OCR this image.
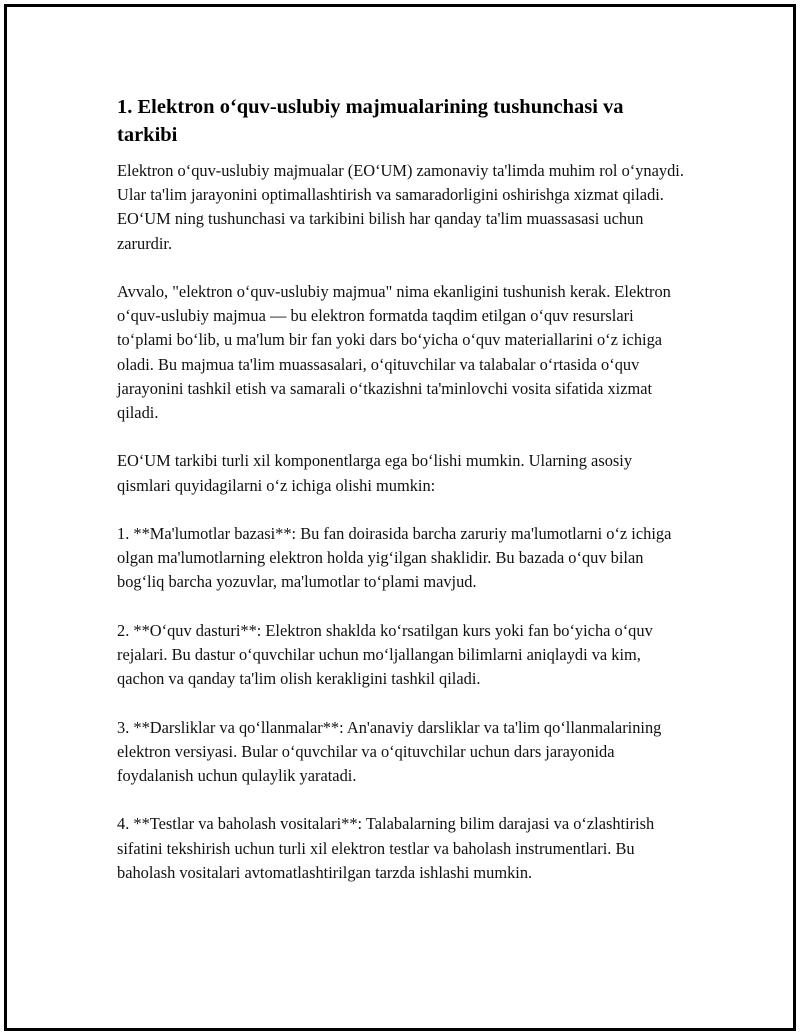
1. Elektron o‘quv-uslubiy majmualarining tushunchasi va tarkibi

Elektron o‘quv-uslubiy majmualar (EO‘UM) zamonaviy ta'limda muhim rol o‘ynaydi. Ular ta'lim jarayonini optimallashtirish va samaradorligini oshirishga xizmat qiladi. EO‘UM ning tushunchasi va tarkibini bilish har qanday ta'lim muassasasi uchun zarurdir.

Avvalo, "elektron o‘quv-uslubiy majmua" nima ekanligini tushunish kerak. Elektron o‘quv-uslubiy majmua — bu elektron formatda taqdim etilgan o‘quv resurslari to‘plami bo‘lib, u ma'lum bir fan yoki dars bo‘yicha o‘quv materiallarini o‘z ichiga oladi. Bu majmua ta'lim muassasalari, o‘qituvchilar va talabalar o‘rtasida o‘quv jarayonini tashkil etish va samarali o‘tkazishni ta'minlovchi vosita sifatida xizmat qiladi.

EO‘UM tarkibi turli xil komponentlarga ega bo‘lishi mumkin. Ularning asosiy qismlari quyidagilarni o‘z ichiga olishi mumkin:

1. **Ma'lumotlar bazasi**: Bu fan doirasida barcha zaruriy ma'lumotlarni o‘z ichiga olgan ma'lumotlarning elektron holda yig‘ilgan shaklidir. Bu bazada o‘quv bilan bog‘liq barcha yozuvlar, ma'lumotlar to‘plami mavjud.

2. **O‘quv dasturi**: Elektron shaklda ko‘rsatilgan kurs yoki fan bo‘yicha o‘quv rejalari. Bu dastur o‘quvchilar uchun mo‘ljallangan bilimlarni aniqlaydi va kim, qachon va qanday ta'lim olish kerakligini tashkil qiladi.

3. **Darsliklar va qo‘llanmalar**: An'anaviy darsliklar va ta'lim qo‘llanmalarining elektron versiyasi. Bular o‘quvchilar va o‘qituvchilar uchun dars jarayonida foydalanish uchun qulaylik yaratadi.

4. **Testlar va baholash vositalari**: Talabalarning bilim darajasi va o‘zlashtirish sifatini tekshirish uchun turli xil elektron testlar va baholash instrumentlari. Bu baholash vositalari avtomatlashtirilgan tarzda ishlashi mumkin.
